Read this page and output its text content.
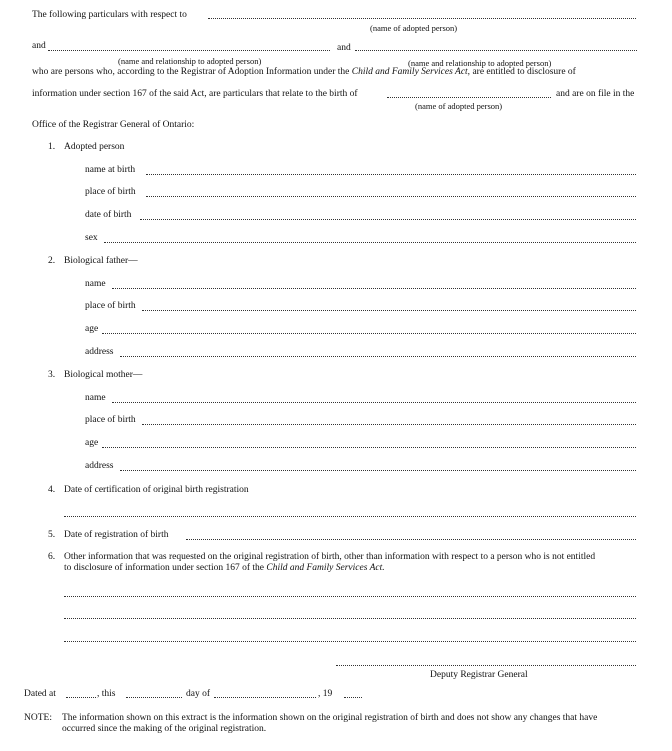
The following particulars with respect to
(name of adopted person)
and	and
(name and relationship to adopted person)	(name and relationship to adopted person)
who are persons who, according to the Registrar of Adoption Information under the Child and Family Services Act, are entitled to disclosure of
information under section 167 of the said Act, are particulars that relate to the birth of	and are on file in the
(name of adopted person)
Office of the Registrar General of Ontario:
1. Adopted person
name at birth
place of birth
date of birth
sex
2. Biological father—
name
place of birth
age
address
3. Biological mother—
name
place of birth
age
address
4. Date of certification of original birth registration
5. Date of registration of birth
6. Other information that was requested on the original registration of birth, other than information with respect to a person who is not entitled
to disclosure of information under section 167 of the Child and Family Services Act.
Deputy Registrar General
Dated at	, this	day of	, 19
NOTE: The information shown on this extract is the information shown on the original registration of birth and does not show any changes that have
occurred since the making of the original registration.
